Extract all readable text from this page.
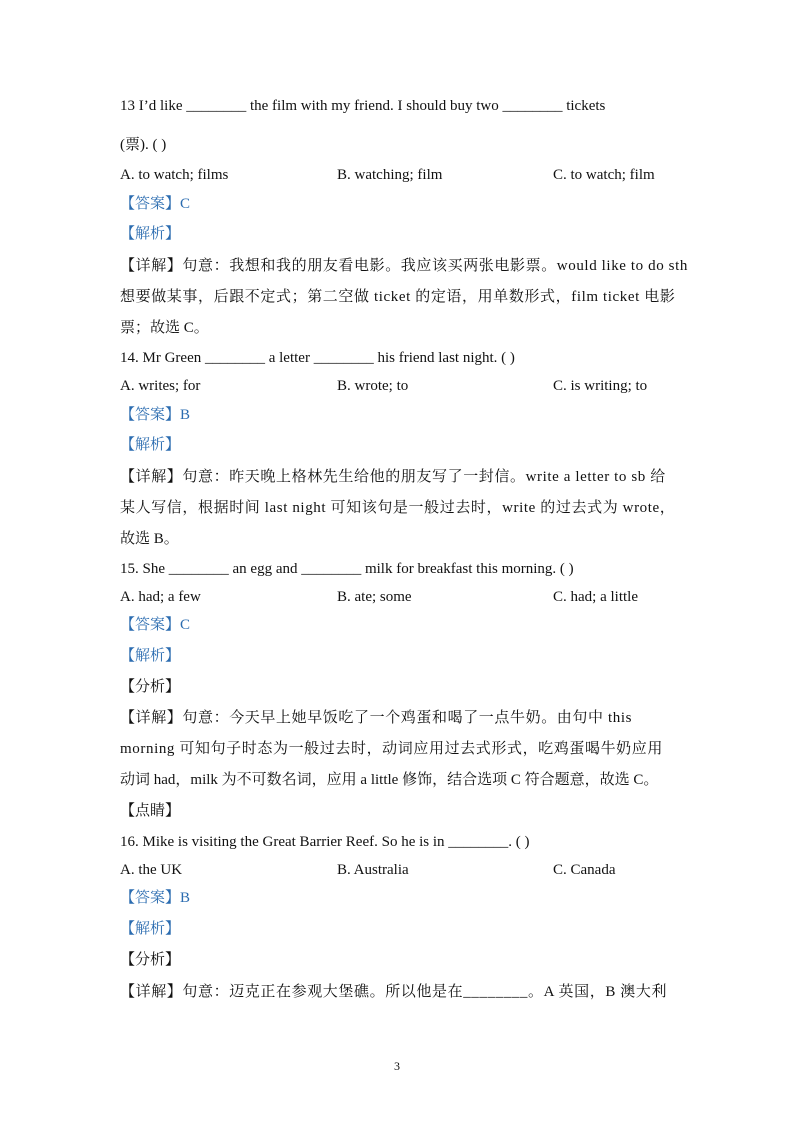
13 I’d like ________ the film with my friend. I should buy two ________ tickets
(票). ( )
A. to watch; films	B. watching; film	C. to watch; film
【答案】C
【解析】
【详解】句意：我想和我的朋友看电影。我应该买两张电影票。would like to do sth
想要做某事，后跟不定式；第二空做 ticket 的定语，用单数形式，film ticket 电影
票；故选 C。
14. Mr Green ________ a letter ________ his friend last night. ( )
A. writes; for	B. wrote; to	C. is writing; to
【答案】B
【解析】
【详解】句意：昨天晚上格林先生给他的朋友写了一封信。write a letter to sb 给
某人写信，根据时间 last night 可知该句是一般过去时，write 的过去式为 wrote，
故选 B。
15. She ________ an egg and ________ milk for breakfast this morning. ( )
A. had; a few	B. ate; some	C. had; a little
【答案】C
【解析】
【分析】
【详解】句意：今天早上她早饭吃了一个鸡蛋和喝了一点牛奶。由句中 this
morning 可知句子时态为一般过去时，动词应用过去式形式，吃鸡蛋喝牛奶应用
动词 had，milk 为不可数名词，应用 a little 修饰，结合选项 C 符合题意，故选 C。
【点睛】
16. Mike is visiting the Great Barrier Reef. So he is in ________. ( )
A. the UK	B. Australia	C. Canada
【答案】B
【解析】
【分析】
【详解】句意：迈克正在参观大堡礁。所以他是在________。A 英国，B 澳大利
3
